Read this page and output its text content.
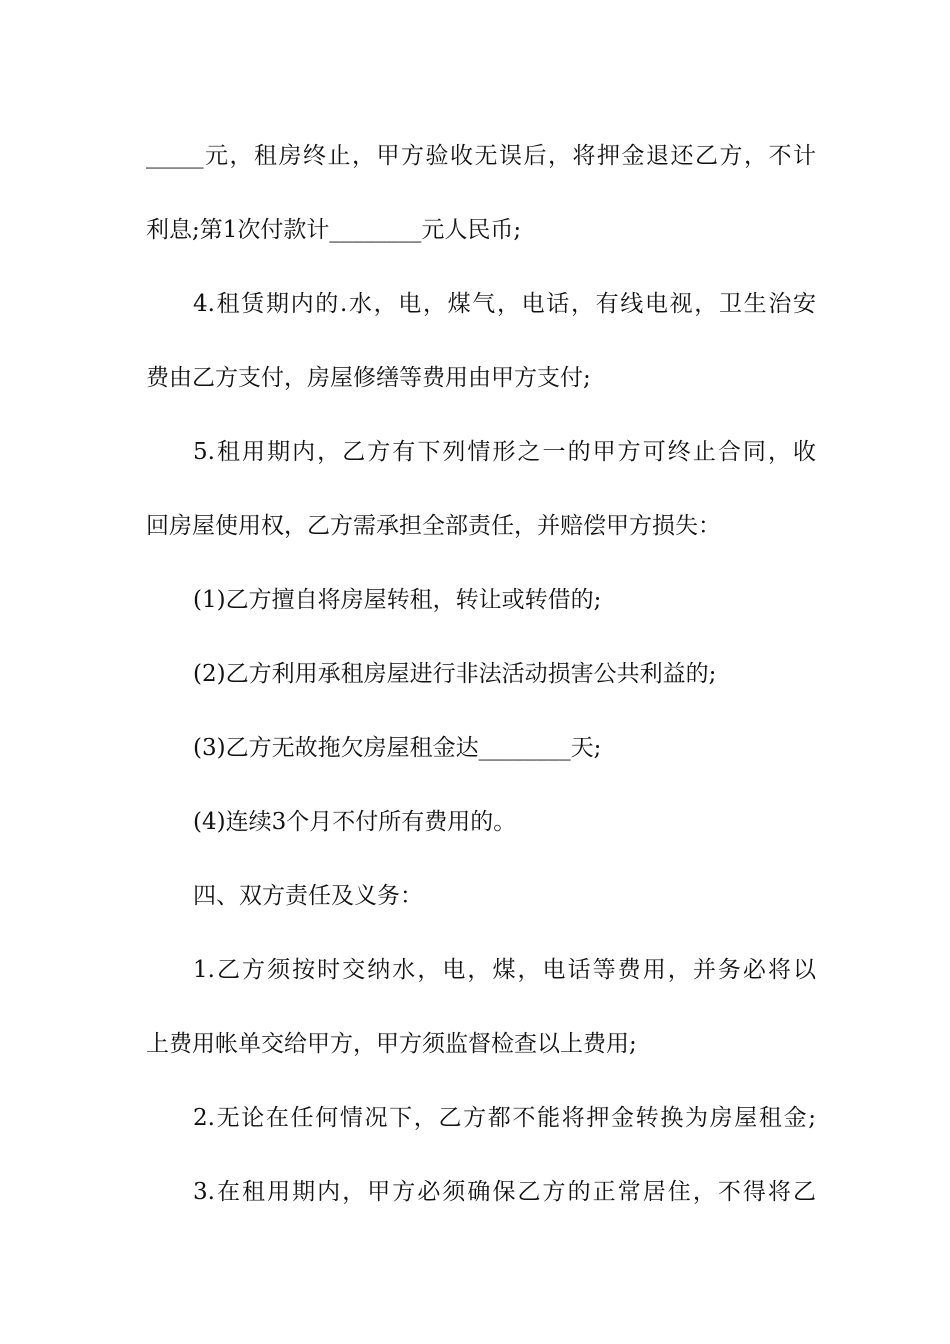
_____元，租房终止，甲方验收无误后，将押金退还乙方，不计
利息;第1次付款计________元人民币;
4.租赁期内的.水，电，煤气，电话，有线电视，卫生治安
费由乙方支付，房屋修缮等费用由甲方支付;
5.租用期内，乙方有下列情形之一的甲方可终止合同，收
回房屋使用权，乙方需承担全部责任，并赔偿甲方损失：
(1)乙方擅自将房屋转租，转让或转借的;
(2)乙方利用承租房屋进行非法活动损害公共利益的;
(3)乙方无故拖欠房屋租金达________天;
(4)连续3个月不付所有费用的。
四、双方责任及义务：
1.乙方须按时交纳水，电，煤，电话等费用，并务必将以
上费用帐单交给甲方，甲方须监督检查以上费用;
2.无论在任何情况下，乙方都不能将押金转换为房屋租金;
3.在租用期内，甲方必须确保乙方的正常居住，不得将乙
